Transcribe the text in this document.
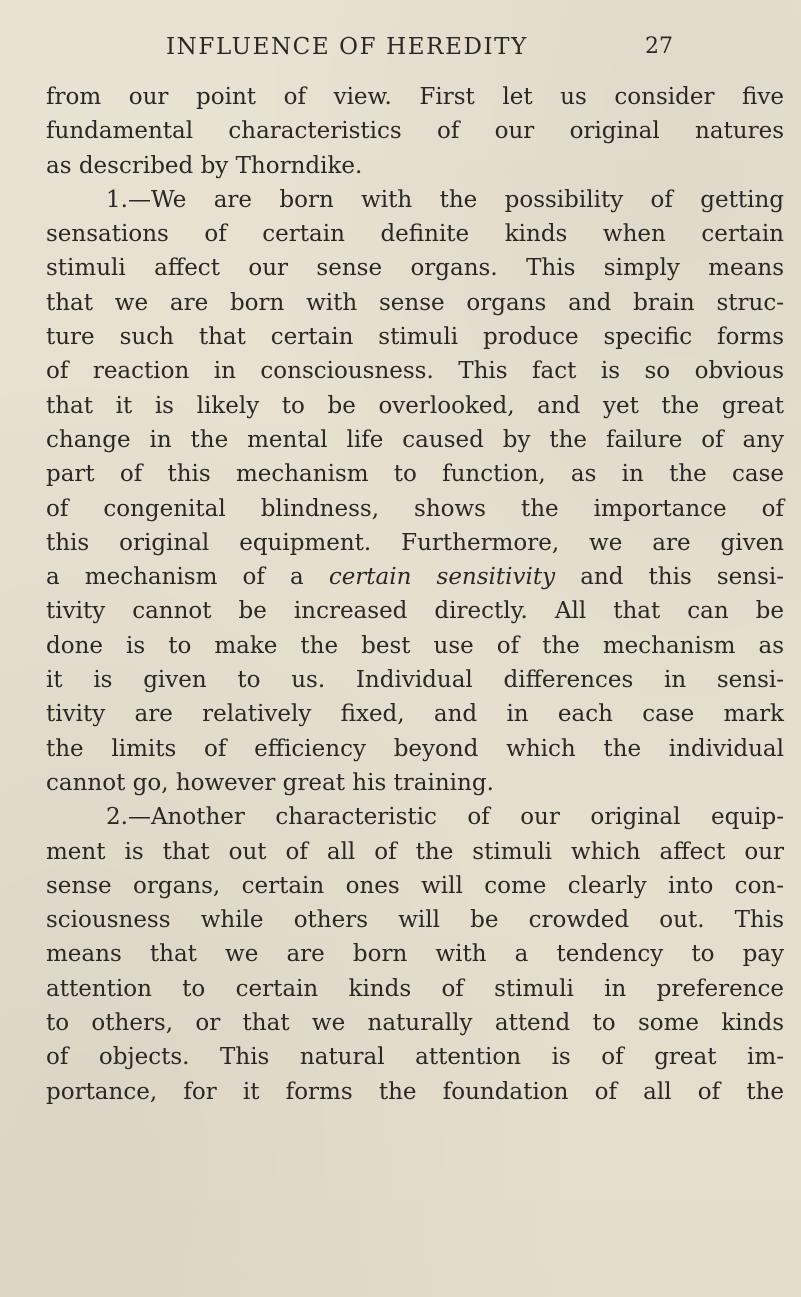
INFLUENCE OF HEREDITY	27
from our point of view. First let us consider five
fundamental characteristics of our original natures
as described by Thorndike.
1.—We are born with the possibility of getting
sensations of certain definite kinds when certain
stimuli affect our sense organs. This simply means
that we are born with sense organs and brain struc-
ture such that certain stimuli produce specific forms
of reaction in consciousness. This fact is so obvious
that it is likely to be overlooked, and yet the great
change in the mental life caused by the failure of any
part of this mechanism to function, as in the case
of congenital blindness, shows the importance of
this original equipment. Furthermore, we are given
a mechanism of a certain sensitivity and this sensi-
tivity cannot be increased directly. All that can be
done is to make the best use of the mechanism as
it is given to us. Individual differences in sensi-
tivity are relatively fixed, and in each case mark
the limits of efficiency beyond which the individual
cannot go, however great his training.
2.—Another characteristic of our original equip-
ment is that out of all of the stimuli which affect our
sense organs, certain ones will come clearly into con-
sciousness while others will be crowded out. This
means that we are born with a tendency to pay
attention to certain kinds of stimuli in preference
to others, or that we naturally attend to some kinds
of objects. This natural attention is of great im-
portance, for it forms the foundation of all of the
